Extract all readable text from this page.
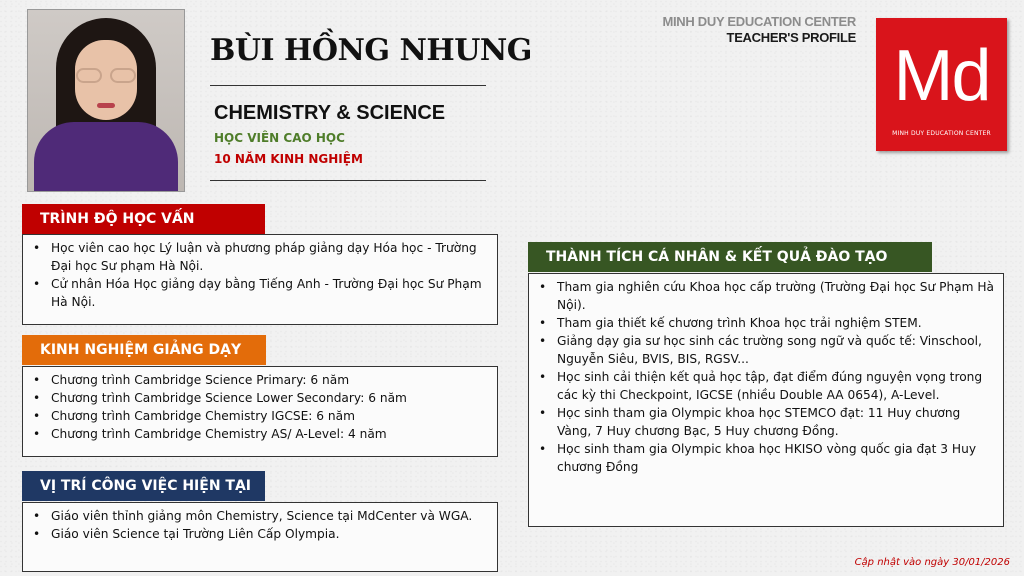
BÙI HỒNG NHUNG
CHEMISTRY & SCIENCE
HỌC VIÊN CAO HỌC
10 NĂM KINH NGHIỆM
MINH DUY EDUCATION CENTER
TEACHER'S PROFILE Md
MINH DUY EDUCATION CENTER
TRÌNH ĐỘ HỌC VẤN
• Học viên cao học Lý luận và phương pháp giảng dạy Hóa học - Trường Đại học Sư phạm Hà Nội.
• Cử nhân Hóa Học giảng dạy bằng Tiếng Anh - Trường Đại học Sư Phạm Hà Nội.
KINH NGHIỆM GIẢNG DẠY
• Chương trình Cambridge Science Primary: 6 năm
• Chương trình Cambridge Science Lower Secondary: 6 năm
• Chương trình Cambridge Chemistry IGCSE: 6 năm
• Chương trình Cambridge Chemistry AS/ A-Level: 4 năm
VỊ TRÍ CÔNG VIỆC HIỆN TẠI
• Giáo viên thỉnh giảng môn Chemistry, Science tại MdCenter và WGA.
• Giáo viên Science tại Trường Liên Cấp Olympia.
THÀNH TÍCH CÁ NHÂN & KẾT QUẢ ĐÀO TẠO
• Tham gia nghiên cứu Khoa học cấp trường (Trường Đại học Sư Phạm Hà Nội).
• Tham gia thiết kế chương trình Khoa học trải nghiệm STEM.
• Giảng dạy gia sư học sinh các trường song ngữ và quốc tế: Vinschool, Nguyễn Siêu, BVIS, BIS, RGSV...
• Học sinh cải thiện kết quả học tập, đạt điểm đúng nguyện vọng trong các kỳ thi Checkpoint, IGCSE (nhiều Double AA 0654), A-Level.
• Học sinh tham gia Olympic khoa học STEMCO đạt: 11 Huy chương Vàng, 7 Huy chương Bạc, 5 Huy chương Đồng.
• Học sinh tham gia Olympic khoa học HKISO vòng quốc gia đạt 3 Huy chương Đồng
Cập nhật vào ngày 30/01/2026
